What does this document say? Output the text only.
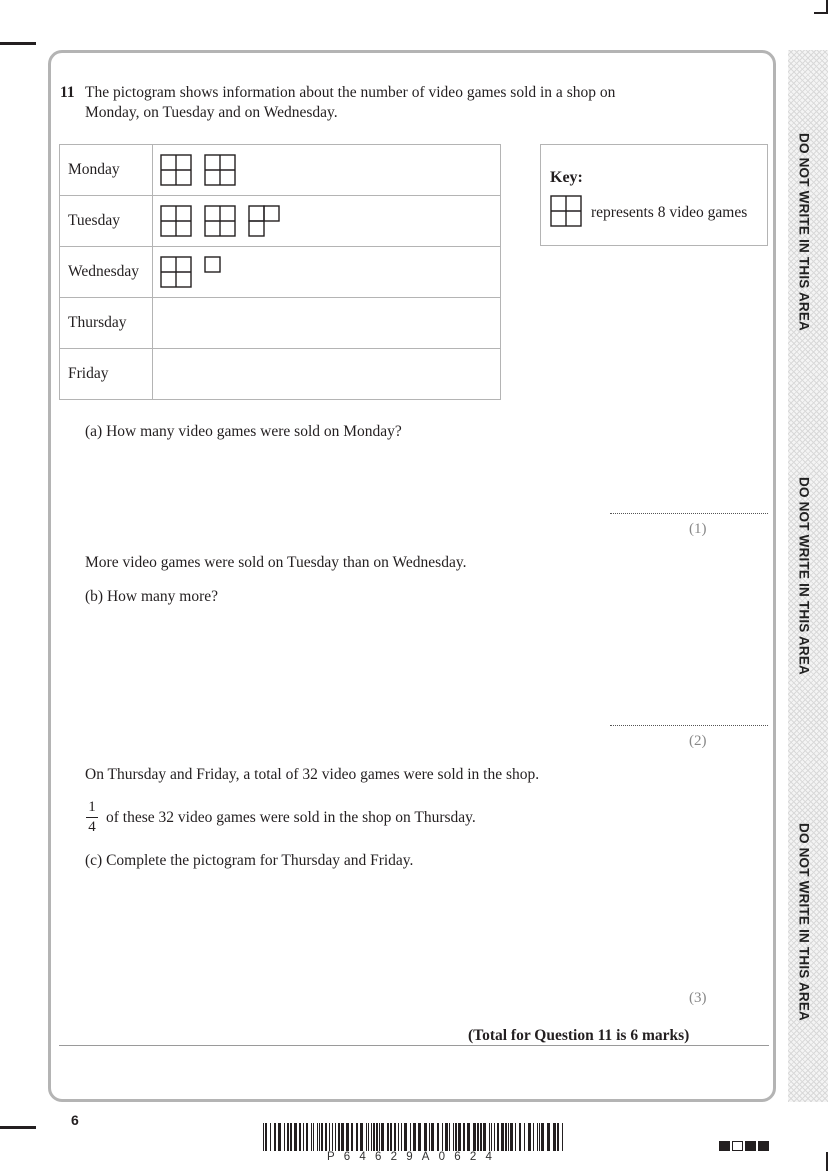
DO NOT WRITE IN THIS AREA
DO NOT WRITE IN THIS AREA
DO NOT WRITE IN THIS AREA
11 The pictogram shows information about the number of video games sold in a shop on
Monday, on Tuesday and on Wednesday.
Monday	

Tuesday	

Wednesday	

Thursday	

Friday	
Key:
represents 8 video games
(a) How many video games were sold on Monday?
(1)
More video games were sold on Tuesday than on Wednesday.
(b) How many more?
(2)
On Thursday and Friday, a total of 32 video games were sold in the shop.
1
4
of these 32 video games were sold in the shop on Thursday.
(c) Complete the pictogram for Thursday and Friday.
(3)
(Total for Question 11 is 6 marks)
6
P64629A0624
